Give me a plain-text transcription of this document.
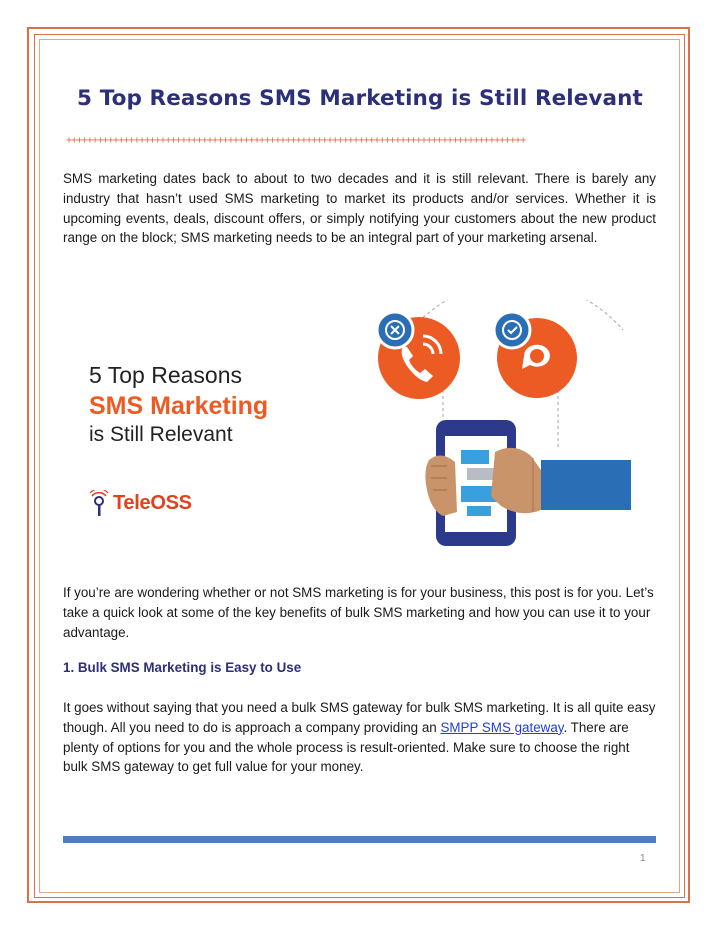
5 Top Reasons SMS Marketing is Still Relevant
++++++++++++++++++++++++++++++++++++++++++++++++++++++++++++++++++++++++++++++++++++++++
SMS marketing dates back to about to two decades and it is still relevant. There is barely any industry that hasn’t used SMS marketing to market its products and/or services. Whether it is upcoming events, deals, discount offers, or simply notifying your customers about the new product range on the block; SMS marketing needs to be an integral part of your marketing arsenal.
5 Top Reasons
SMS Marketing
is Still Relevant
TeleOSS
If you’re are wondering whether or not SMS marketing is for your business, this post is for you. Let’s take a quick look at some of the key benefits of bulk SMS marketing and how you can use it to your advantage.
1. Bulk SMS Marketing is Easy to Use
It goes without saying that you need a bulk SMS gateway for bulk SMS marketing. It is all quite easy though. All you need to do is approach a company providing an SMPP SMS gateway. There are plenty of options for you and the whole process is result-oriented. Make sure to choose the right bulk SMS gateway to get full value for your money.
1
